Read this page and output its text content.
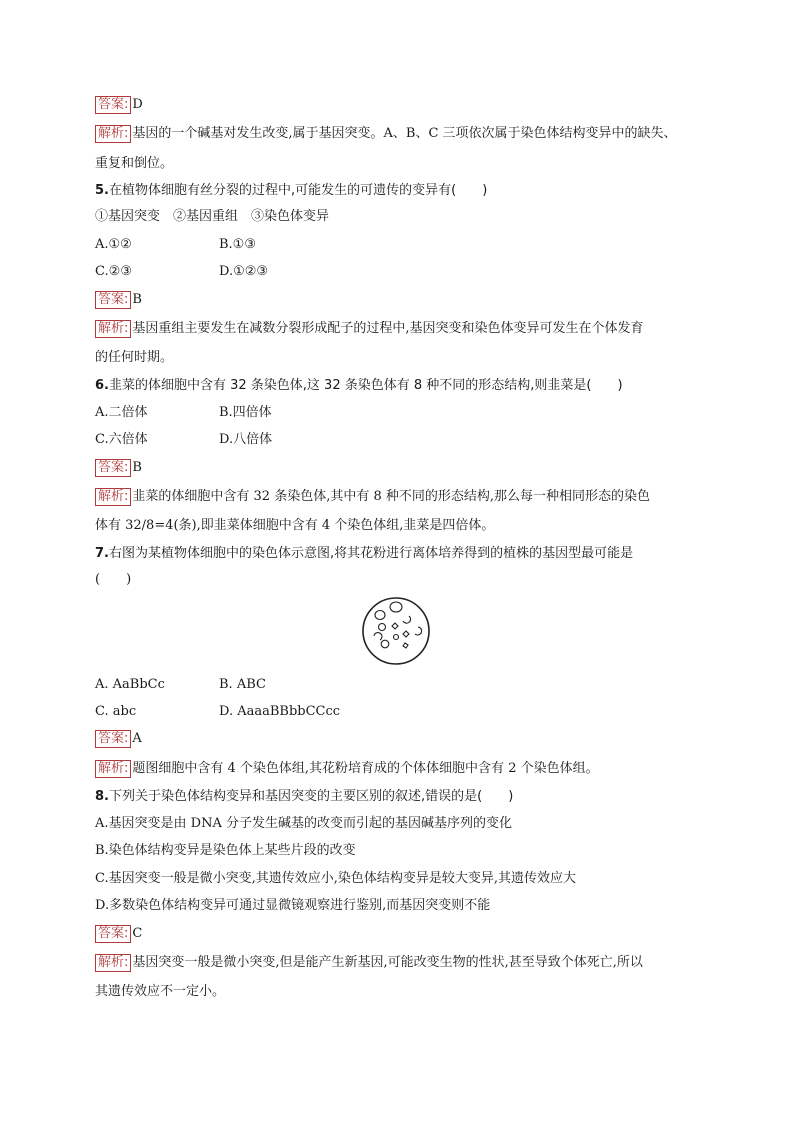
答案: D
解析: 基因的一个碱基对发生改变,属于基因突变。A、B、C 三项依次属于染色体结构变异中的缺失、
重复和倒位。
5.在植物体细胞有丝分裂的过程中,可能发生的可遗传的变异有(　　)
①基因突变　②基因重组　③染色体变异
A.①②	B.①③
C.②③	D.①②③
答案: B
解析: 基因重组主要发生在减数分裂形成配子的过程中,基因突变和染色体变异可发生在个体发育
的任何时期。
6.韭菜的体细胞中含有 32 条染色体,这 32 条染色体有 8 种不同的形态结构,则韭菜是(　　)
A.二倍体	B.四倍体
C.六倍体	D.八倍体
答案: B
解析: 韭菜的体细胞中含有 32 条染色体,其中有 8 种不同的形态结构,那么每一种相同形态的染色
体有 32/8=4(条),即韭菜体细胞中含有 4 个染色体组,韭菜是四倍体。
7.右图为某植物体细胞中的染色体示意图,将其花粉进行离体培养得到的植株的基因型最可能是
(　　)
A. AaBbCc	B. ABC
C. abc	D. AaaaBBbbCCcc
答案: A
解析: 题图细胞中含有 4 个染色体组,其花粉培育成的个体体细胞中含有 2 个染色体组。
8.下列关于染色体结构变异和基因突变的主要区别的叙述,错误的是(　　)
A.基因突变是由 DNA 分子发生碱基的改变而引起的基因碱基序列的变化
B.染色体结构变异是染色体上某些片段的改变
C.基因突变一般是微小突变,其遗传效应小,染色体结构变异是较大变异,其遗传效应大
D.多数染色体结构变异可通过显微镜观察进行鉴别,而基因突变则不能
答案: C
解析: 基因突变一般是微小突变,但是能产生新基因,可能改变生物的性状,甚至导致个体死亡,所以
其遗传效应不一定小。
